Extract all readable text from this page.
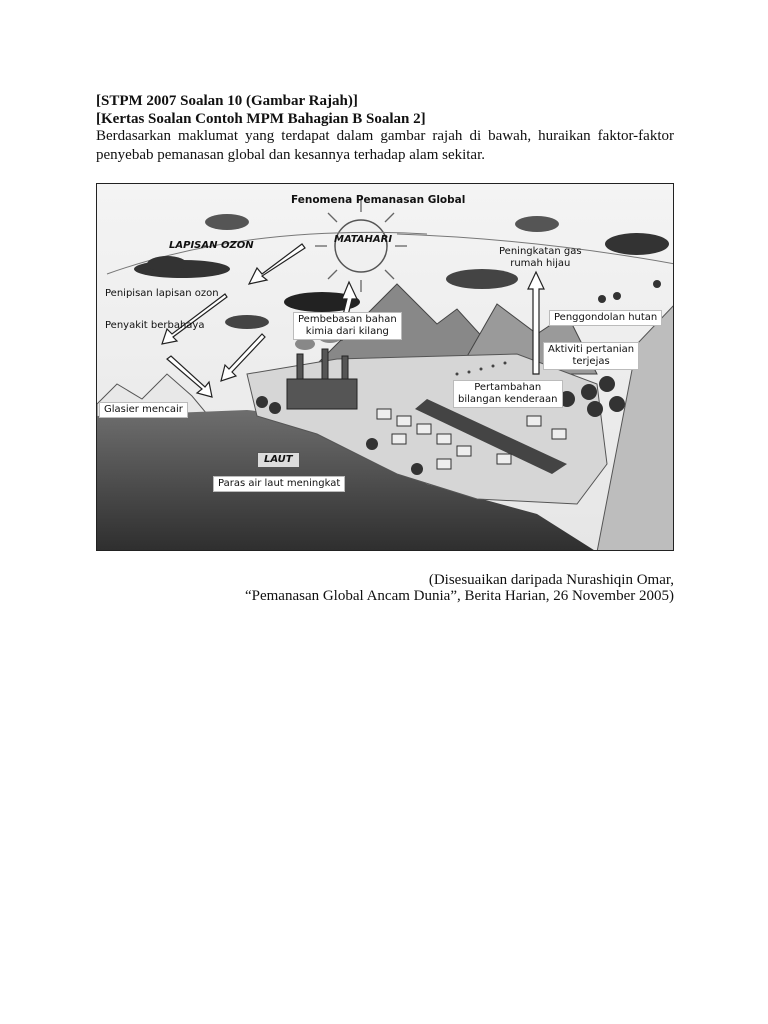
[STPM 2007 Soalan 10 (Gambar Rajah)]
[Kertas Soalan Contoh MPM Bahagian B Soalan 2]
Berdasarkan maklumat yang terdapat dalam gambar rajah di bawah, huraikan faktor-faktor penyebab pemanasan global dan kesannya terhadap alam sekitar.
Fenomena Pemanasan Global
MATAHARI
LAPISAN OZON
Penipisan lapisan ozon
Penyakit berbahaya
Glasier mencair
Pembebasan bahan
kimia dari kilang
Peningkatan gas
rumah hijau
Penggondolan hutan
Aktiviti pertanian
terjejas
Pertambahan
bilangan kenderaan
LAUT
Paras air laut meningkat
(Disesuaikan daripada Nurashiqin Omar,
“Pemanasan Global Ancam Dunia”, Berita Harian, 26 November 2005)
